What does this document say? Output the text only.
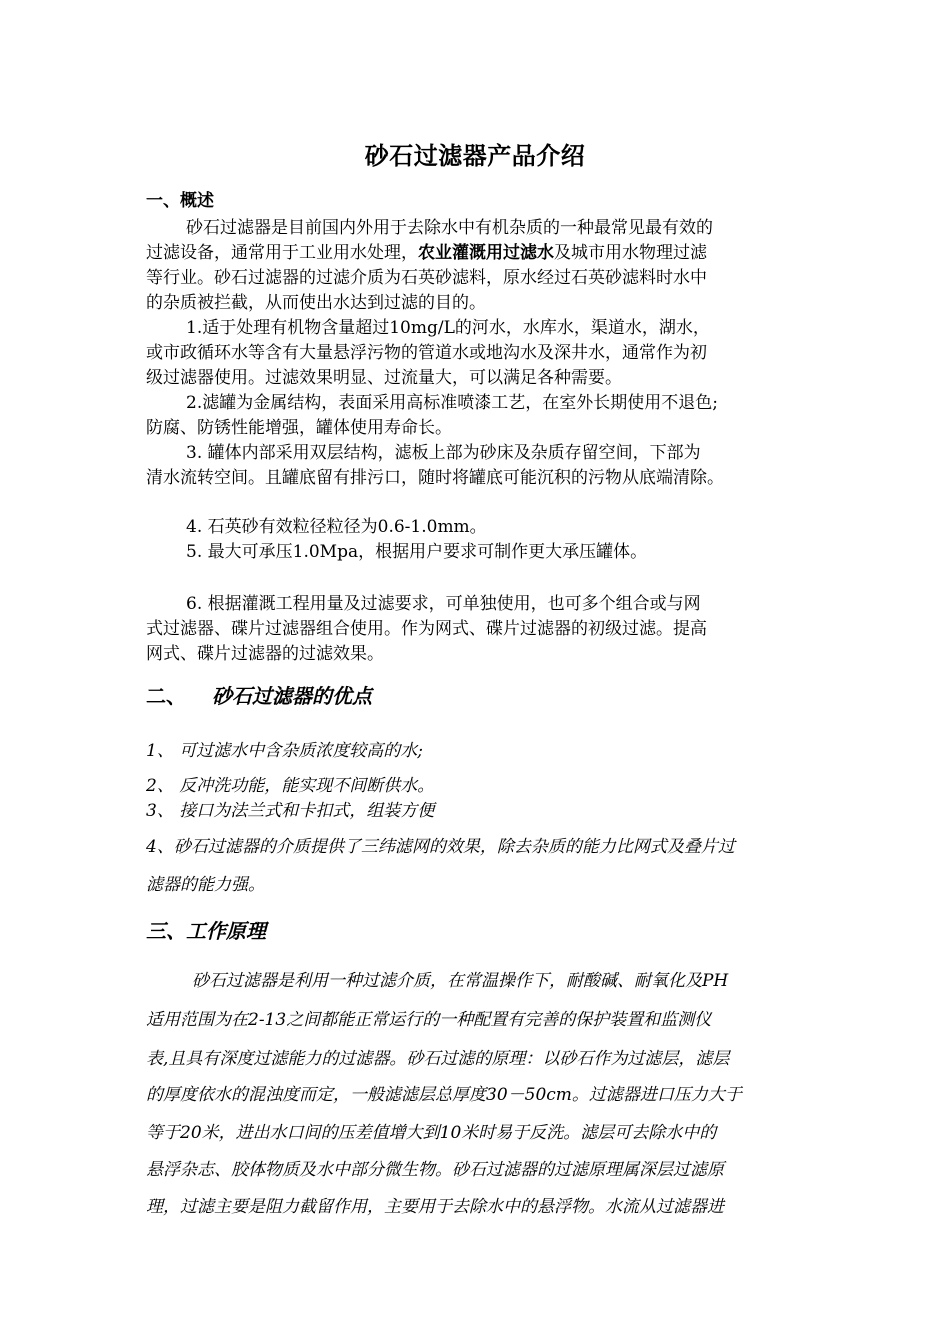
砂石过滤器产品介绍
一、概述
砂石过滤器是目前国内外用于去除水中有机杂质的一种最常见最有效的
过滤设备，通常用于工业用水处理，农业灌溉用过滤水及城市用水物理过滤
等行业。砂石过滤器的过滤介质为石英砂滤料，原水经过石英砂滤料时水中
的杂质被拦截，从而使出水达到过滤的目的。
1.适于处理有机物含量超过10mg/L的河水，水库水，渠道水，湖水，
或市政循环水等含有大量悬浮污物的管道水或地沟水及深井水，通常作为初
级过滤器使用。过滤效果明显、过流量大，可以满足各种需要。
2.滤罐为金属结构，表面采用高标准喷漆工艺，在室外长期使用不退色;
防腐、防锈性能增强，罐体使用寿命长。
3. 罐体内部采用双层结构，滤板上部为砂床及杂质存留空间，下部为
清水流转空间。且罐底留有排污口，随时将罐底可能沉积的污物从底端清除。
4. 石英砂有效粒径粒径为0.6-1.0mm。
5. 最大可承压1.0Mpa，根据用户要求可制作更大承压罐体。
6. 根据灌溉工程用量及过滤要求，可单独使用，也可多个组合或与网
式过滤器、碟片过滤器组合使用。作为网式、碟片过滤器的初级过滤。提高
网式、碟片过滤器的过滤效果。
二、 砂石过滤器的优点
1、 可过滤水中含杂质浓度较高的水;
2、 反冲洗功能，能实现不间断供水。
3、 接口为法兰式和卡扣式，组装方便
4、砂石过滤器的介质提供了三纬滤网的效果，除去杂质的能力比网式及叠片过
滤器的能力强。
三、工作原理
砂石过滤器是利用一种过滤介质，在常温操作下，耐酸碱、耐氧化及PH
适用范围为在2-13之间都能正常运行的一种配置有完善的保护装置和监测仪
表,且具有深度过滤能力的过滤器。砂石过滤的原理：以砂石作为过滤层，滤层
的厚度依水的混浊度而定，一般滤滤层总厚度30－50cm。过滤器进口压力大于
等于20米，进出水口间的压差值增大到10米时易于反洗。滤层可去除水中的
悬浮杂志、胶体物质及水中部分微生物。砂石过滤器的过滤原理属深层过滤原
理，过滤主要是阻力截留作用，主要用于去除水中的悬浮物。水流从过滤器进
